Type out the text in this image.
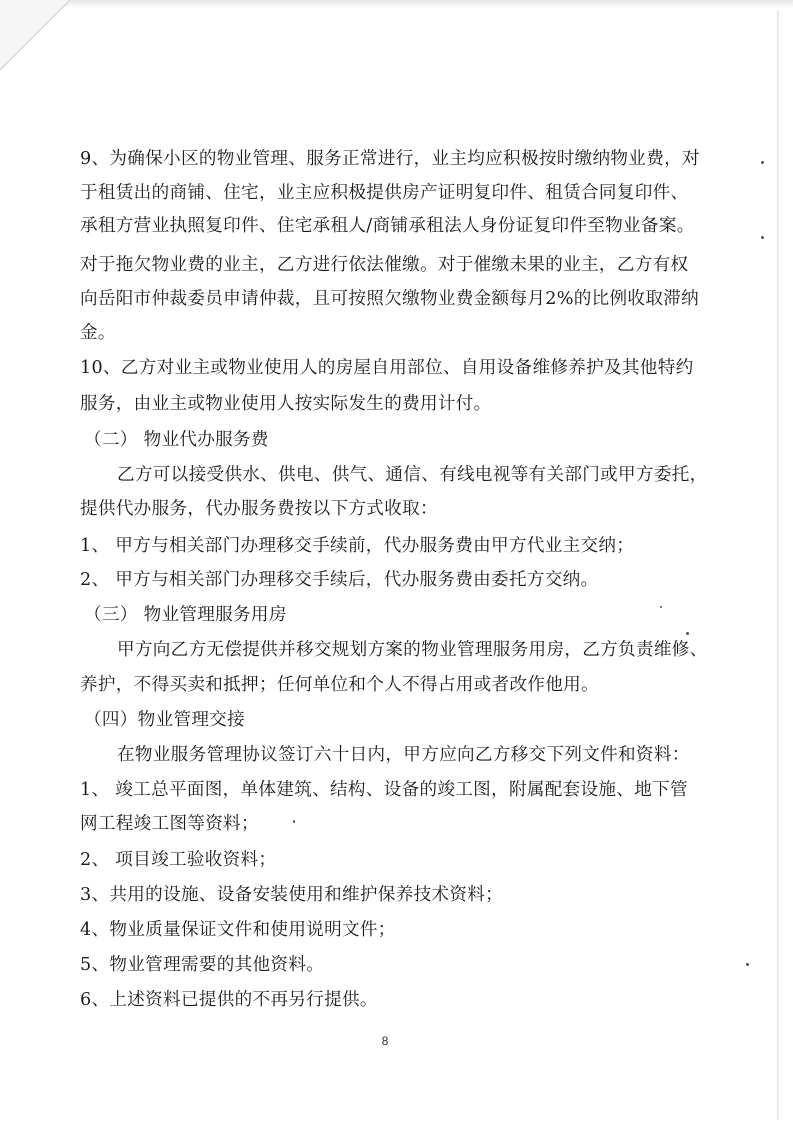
9、为确保小区的物业管理、服务正常进行，业主均应积极按时缴纳物业费，对
于租赁出的商铺、住宅，业主应积极提供房产证明复印件、租赁合同复印件、
承租方营业执照复印件、住宅承租人/商铺承租法人身份证复印件至物业备案。
对于拖欠物业费的业主，乙方进行依法催缴。对于催缴未果的业主，乙方有权
向岳阳市仲裁委员申请仲裁，且可按照欠缴物业费金额每月2%的比例收取滞纳
金。
10、乙方对业主或物业使用人的房屋自用部位、自用设备维修养护及其他特约
服务，由业主或物业使用人按实际发生的费用计付。
（二） 物业代办服务费
乙方可以接受供水、供电、供气、通信、有线电视等有关部门或甲方委托，
提供代办服务，代办服务费按以下方式收取：
1、 甲方与相关部门办理移交手续前，代办服务费由甲方代业主交纳；
2、 甲方与相关部门办理移交手续后，代办服务费由委托方交纳。
（三） 物业管理服务用房
甲方向乙方无偿提供并移交规划方案的物业管理服务用房，乙方负责维修、
养护，不得买卖和抵押；任何单位和个人不得占用或者改作他用。
（四）物业管理交接
在物业服务管理协议签订六十日内，甲方应向乙方移交下列文件和资料：
1、 竣工总平面图，单体建筑、结构、设备的竣工图，附属配套设施、地下管
网工程竣工图等资料；
2、 项目竣工验收资料；
3、共用的设施、设备安装使用和维护保养技术资料；
4、物业质量保证文件和使用说明文件；
5、物业管理需要的其他资料。
6、上述资料已提供的不再另行提供。
8
